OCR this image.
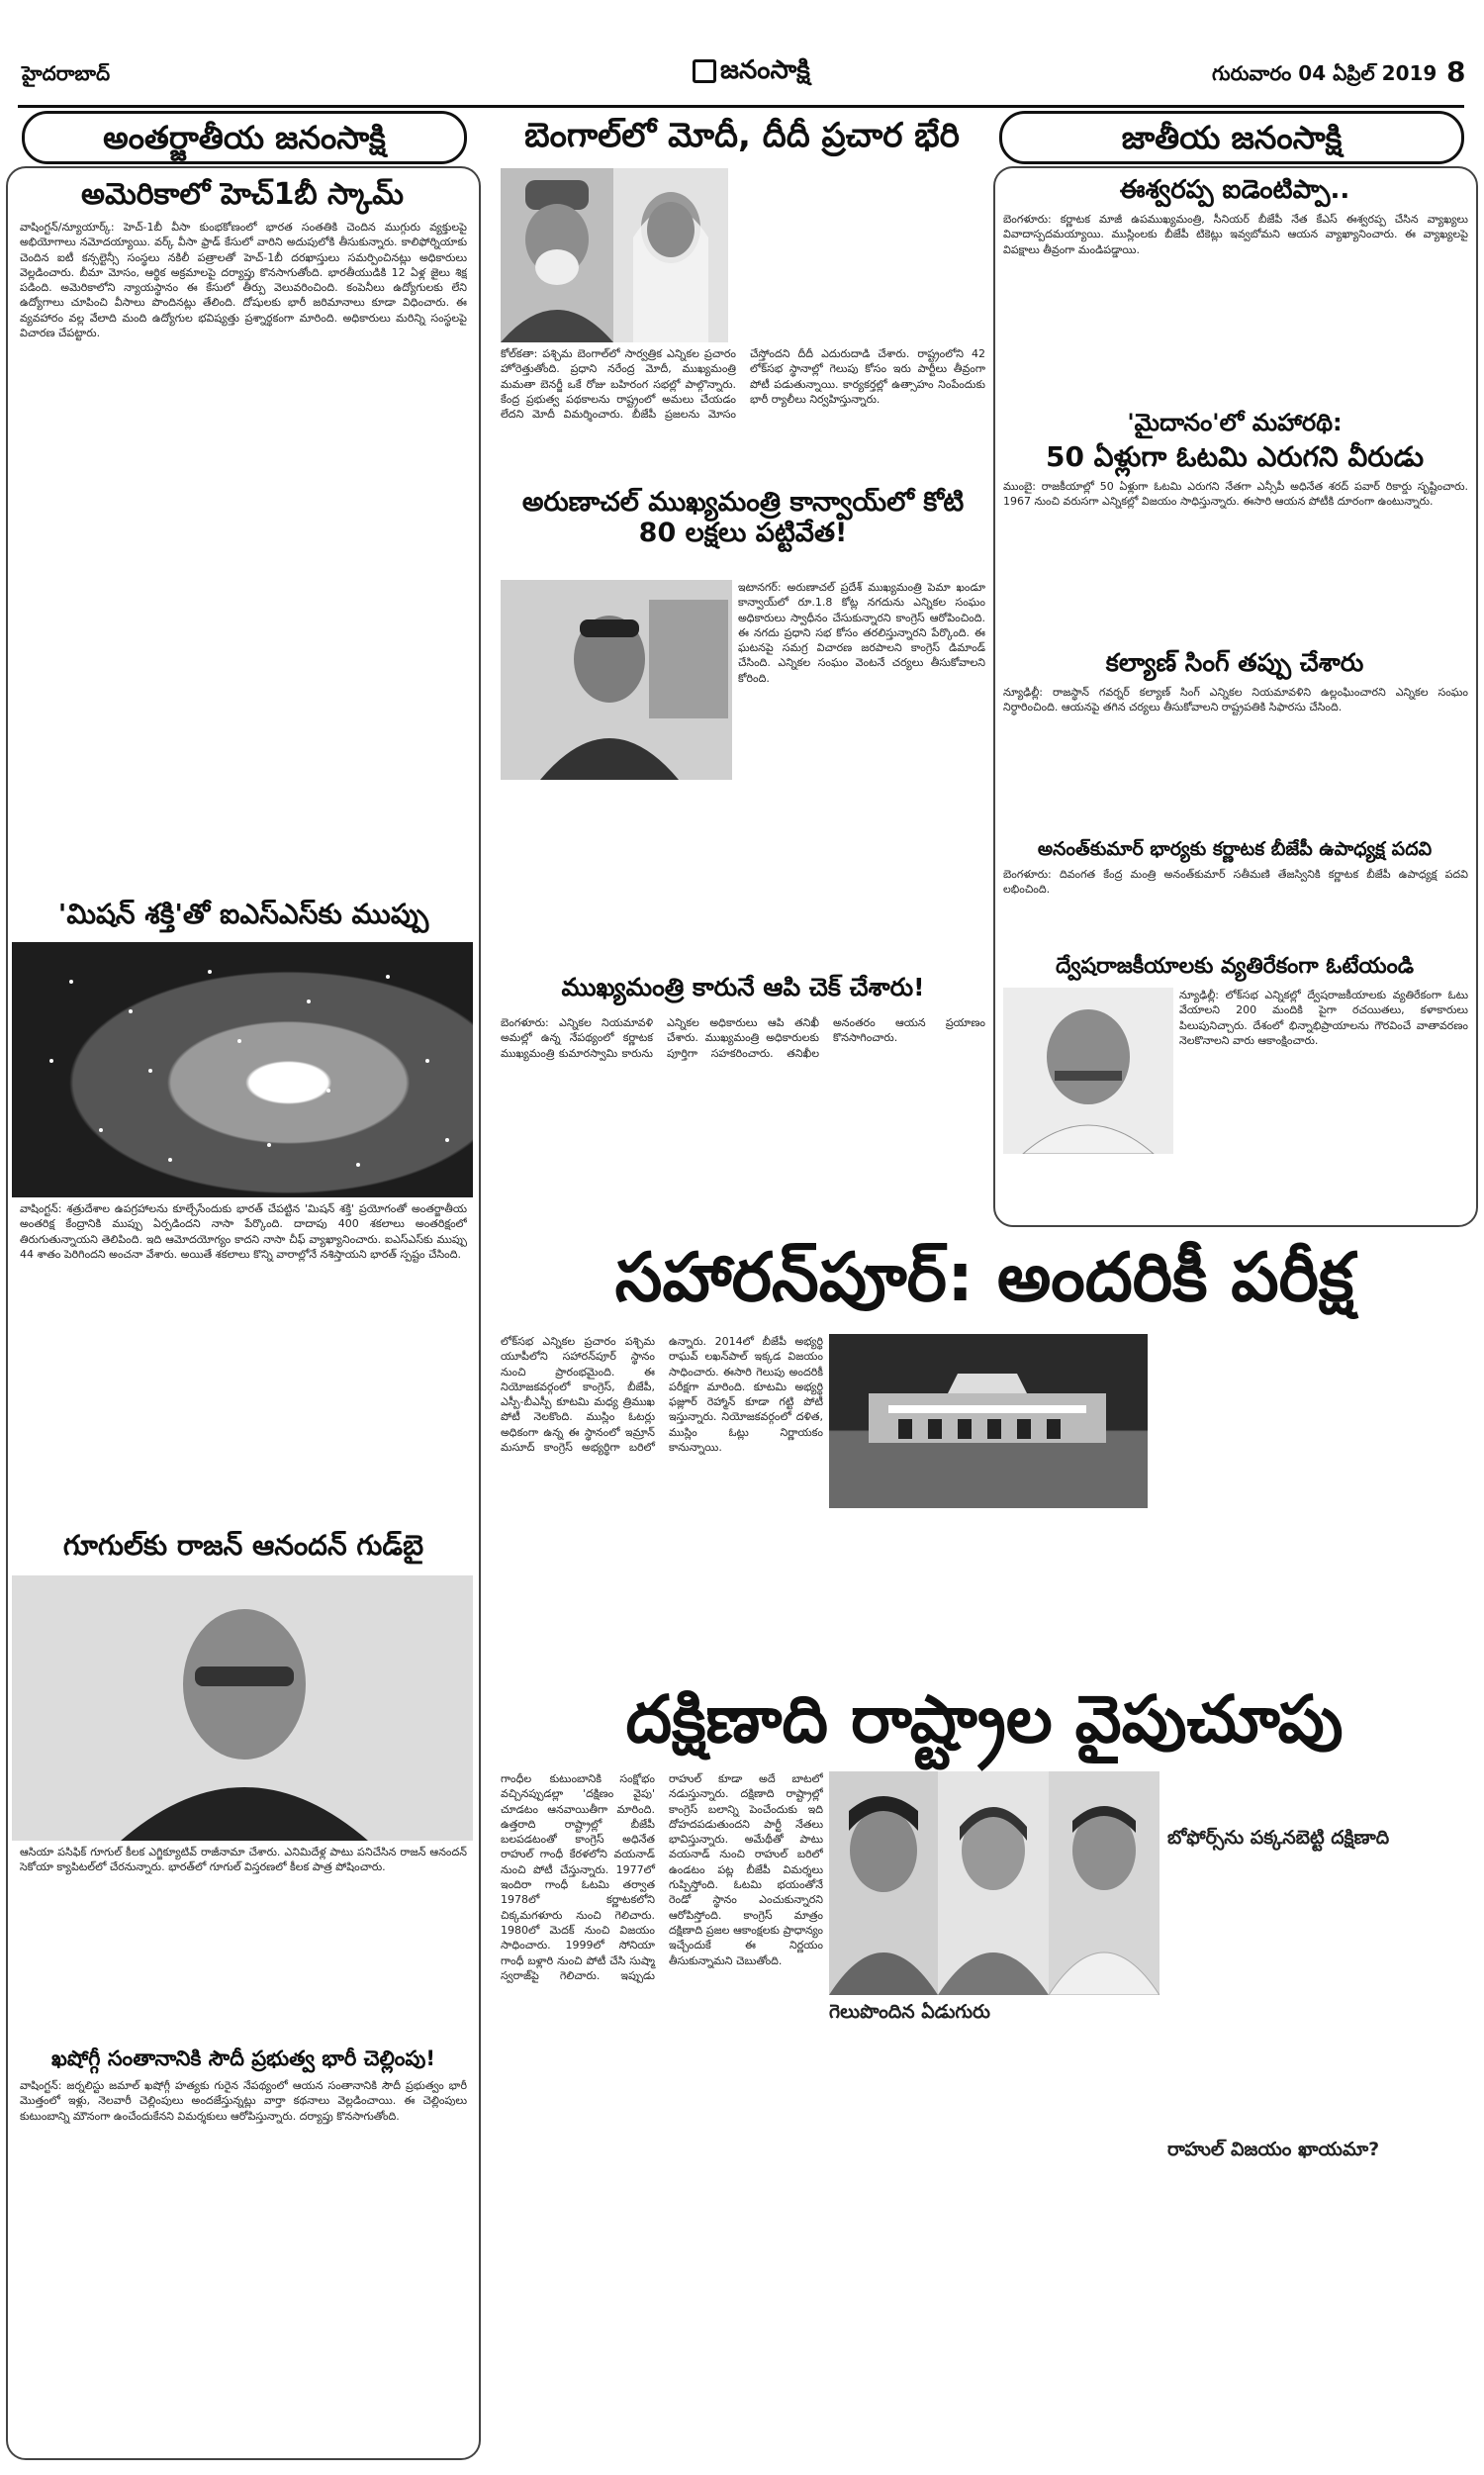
హైదరాబాద్	జనంసాక్షి	గురువారం 04 ఏప్రిల్ 2019 8
అంతర్జాతీయ జనంసాక్షి	జాతీయ జనంసాక్షి
అమెరికాలో హెచ్1బీ స్కామ్
వాషింగ్టన్‌/న్యూయార్క్‌: హెచ్‌-1బీ వీసా కుంభకోణంలో భారత సంతతికి చెందిన ముగ్గురు వ్యక్తులపై అభియోగాలు నమోదయ్యాయి. వర్క్‌ వీసా ఫ్రాడ్‌ కేసులో వారిని అదుపులోకి తీసుకున్నారు. కాలిఫోర్నియాకు చెందిన ఐటీ కన్సల్టెన్సీ సంస్థలు నకిలీ పత్రాలతో హెచ్‌-1బీ దరఖాస్తులు సమర్పించినట్లు అధికారులు వెల్లడించారు. బీమా మోసం, ఆర్థిక అక్రమాలపై దర్యాప్తు కొనసాగుతోంది. భారతీయుడికి 12 ఏళ్ల జైలు శిక్ష పడింది. అమెరికాలోని న్యాయస్థానం ఈ కేసులో తీర్పు వెలువరించింది. కంపెనీలు ఉద్యోగులకు లేని ఉద్యోగాలు చూపించి వీసాలు పొందినట్లు తేలింది. దోషులకు భారీ జరిమానాలు కూడా విధించారు. ఈ వ్యవహారం వల్ల వేలాది మంది ఉద్యోగుల భవిష్యత్తు ప్రశ్నార్థకంగా మారింది. అధికారులు మరిన్ని సంస్థలపై విచారణ చేపట్టారు.
'మిషన్‌ శక్తి'తో ఐఎస్‌ఎస్‌కు ముప్పు
వాషింగ్టన్‌: శత్రుదేశాల ఉపగ్రహాలను కూల్చేసేందుకు భారత్‌ చేపట్టిన 'మిషన్‌ శక్తి' ప్రయోగంతో అంతర్జాతీయ అంతరిక్ష కేంద్రానికి ముప్పు ఏర్పడిందని నాసా పేర్కొంది. దాదాపు 400 శకలాలు అంతరిక్షంలో తిరుగుతున్నాయని తెలిపింది. ఇది ఆమోదయోగ్యం కాదని నాసా చీఫ్‌ వ్యాఖ్యానించారు. ఐఎస్‌ఎస్‌కు ముప్పు 44 శాతం పెరిగిందని అంచనా వేశారు. అయితే శకలాలు కొన్ని వారాల్లోనే నశిస్తాయని భారత్‌ స్పష్టం చేసింది.
గూగుల్‌కు రాజన్‌ ఆనందన్‌ గుడ్‌బై
ఆసియా పసిఫిక్‌ గూగుల్‌ కీలక ఎగ్జిక్యూటివ్‌ రాజీనామా చేశారు. ఎనిమిదేళ్ల పాటు పనిచేసిన రాజన్‌ ఆనందన్‌ సెకోయా క్యాపిటల్‌లో చేరనున్నారు. భారత్‌లో గూగుల్‌ విస్తరణలో కీలక పాత్ర పోషించారు.
ఖషోగ్గీ సంతానానికి సౌదీ ప్రభుత్వ భారీ చెల్లింపు!
వాషింగ్టన్‌: జర్నలిస్టు జమాల్‌ ఖషోగ్గీ హత్యకు గురైన నేపథ్యంలో ఆయన సంతానానికి సౌదీ ప్రభుత్వం భారీ మొత్తంలో ఇళ్లు, నెలవారీ చెల్లింపులు అందజేస్తున్నట్లు వార్తా కథనాలు వెల్లడించాయి. ఈ చెల్లింపులు కుటుంబాన్ని మౌనంగా ఉంచేందుకేనని విమర్శకులు ఆరోపిస్తున్నారు. దర్యాప్తు కొనసాగుతోంది.
బెంగాల్‌లో మోదీ, దీదీ ప్రచార భేరి
కోల్‌కతా: పశ్చిమ బెంగాల్‌లో సార్వత్రిక ఎన్నికల ప్రచారం హోరెత్తుతోంది. ప్రధాని నరేంద్ర మోదీ, ముఖ్యమంత్రి మమతా బెనర్జీ ఒకే రోజు బహిరంగ సభల్లో పాల్గొన్నారు. కేంద్ర ప్రభుత్వ పథకాలను రాష్ట్రంలో అమలు చేయడం లేదని మోదీ విమర్శించారు. బీజేపీ ప్రజలను మోసం చేస్తోందని దీదీ ఎదురుదాడి చేశారు. రాష్ట్రంలోని 42 లోక్‌సభ స్థానాల్లో గెలుపు కోసం ఇరు పార్టీలు తీవ్రంగా పోటీ పడుతున్నాయి. కార్యకర్తల్లో ఉత్సాహం నింపేందుకు భారీ ర్యాలీలు నిర్వహిస్తున్నారు.
అరుణాచల్‌ ముఖ్యమంత్రి కాన్వాయ్‌లో కోటి 80 లక్షలు పట్టివేత!
ఇటానగర్‌: అరుణాచల్‌ ప్రదేశ్‌ ముఖ్యమంత్రి పెమా ఖండూ కాన్వాయ్‌లో రూ.1.8 కోట్ల నగదును ఎన్నికల సంఘం అధికారులు స్వాధీనం చేసుకున్నారని కాంగ్రెస్‌ ఆరోపించింది. ఈ నగదు ప్రధాని సభ కోసం తరలిస్తున్నారని పేర్కొంది. ఈ ఘటనపై సమగ్ర విచారణ జరపాలని కాంగ్రెస్‌ డిమాండ్‌ చేసింది. ఎన్నికల సంఘం వెంటనే చర్యలు తీసుకోవాలని కోరింది.
ముఖ్యమంత్రి కారునే ఆపి చెక్‌ చేశారు!
బెంగళూరు: ఎన్నికల నియమావళి అమల్లో ఉన్న నేపథ్యంలో కర్ణాటక ముఖ్యమంత్రి కుమారస్వామి కారును ఎన్నికల అధికారులు ఆపి తనిఖీ చేశారు. ముఖ్యమంత్రి అధికారులకు పూర్తిగా సహకరించారు. తనిఖీల అనంతరం ఆయన ప్రయాణం కొనసాగించారు.
ఈశ్వరప్ప ఐడెంటిప్పా..
బెంగళూరు: కర్ణాటక మాజీ ఉపముఖ్యమంత్రి, సీనియర్‌ బీజేపీ నేత కేఎస్‌ ఈశ్వరప్ప చేసిన వ్యాఖ్యలు వివాదాస్పదమయ్యాయి. ముస్లింలకు బీజేపీ టికెట్లు ఇవ్వబోమని ఆయన వ్యాఖ్యానించారు. ఈ వ్యాఖ్యలపై విపక్షాలు తీవ్రంగా మండిపడ్డాయి.
'మైదానం'లో మహారథి:
50 ఏళ్లుగా ఓటమి ఎరుగని వీరుడు
ముంబై: రాజకీయాల్లో 50 ఏళ్లుగా ఓటమి ఎరుగని నేతగా ఎన్సీపీ అధినేత శరద్‌ పవార్‌ రికార్డు సృష్టించారు. 1967 నుంచి వరుసగా ఎన్నికల్లో విజయం సాధిస్తున్నారు. ఈసారి ఆయన పోటీకి దూరంగా ఉంటున్నారు.
కల్యాణ్‌ సింగ్‌ తప్పు చేశారు
న్యూఢిల్లీ: రాజస్థాన్‌ గవర్నర్‌ కల్యాణ్‌ సింగ్‌ ఎన్నికల నియమావళిని ఉల్లంఘించారని ఎన్నికల సంఘం నిర్ధారించింది. ఆయనపై తగిన చర్యలు తీసుకోవాలని రాష్ట్రపతికి సిఫారసు చేసింది.
అనంత్‌కుమార్‌ భార్యకు కర్ణాటక బీజేపీ ఉపాధ్యక్ష పదవి
బెంగళూరు: దివంగత కేంద్ర మంత్రి అనంత్‌కుమార్‌ సతీమణి తేజస్వినికి కర్ణాటక బీజేపీ ఉపాధ్యక్ష పదవి లభించింది.
ద్వేషరాజకీయాలకు వ్యతిరేకంగా ఓటేయండి
న్యూఢిల్లీ: లోక్‌సభ ఎన్నికల్లో ద్వేషరాజకీయాలకు వ్యతిరేకంగా ఓటు వేయాలని 200 మందికి పైగా రచయితలు, కళాకారులు పిలుపునిచ్చారు. దేశంలో భిన్నాభిప్రాయాలను గౌరవించే వాతావరణం నెలకొనాలని వారు ఆకాంక్షించారు.
సహారన్‌పూర్‌: అందరికీ పరీక్ష
లోక్‌సభ ఎన్నికల ప్రచారం పశ్చిమ యూపీలోని సహారన్‌పూర్‌ స్థానం నుంచి ప్రారంభమైంది. ఈ నియోజకవర్గంలో కాంగ్రెస్‌, బీజేపీ, ఎస్పీ-బీఎస్పీ కూటమి మధ్య త్రిముఖ పోటీ నెలకొంది. ముస్లిం ఓటర్లు అధికంగా ఉన్న ఈ స్థానంలో ఇమ్రాన్‌ మసూద్‌ కాంగ్రెస్‌ అభ్యర్థిగా బరిలో ఉన్నారు. 2014లో బీజేపీ అభ్యర్థి రాఘవ్‌ లఖన్‌పాల్‌ ఇక్కడ విజయం సాధించారు. ఈసారి గెలుపు అందరికీ పరీక్షగా మారింది. కూటమి అభ్యర్థి ఫజ్లూర్‌ రెహ్మాన్‌ కూడా గట్టి పోటీ ఇస్తున్నారు. నియోజకవర్గంలో దళిత, ముస్లిం ఓట్లు నిర్ణాయకం కానున్నాయి.
దక్షిణాది రాష్ట్రాల వైపుచూపు
గాంధీల కుటుంబానికి సంక్షోభం వచ్చినప్పుడల్లా 'దక్షిణం వైపు' చూడటం ఆనవాయితీగా మారింది. ఉత్తరాది రాష్ట్రాల్లో బీజేపీ బలపడటంతో కాంగ్రెస్‌ అధినేత రాహుల్‌ గాంధీ కేరళలోని వయనాడ్‌ నుంచి పోటీ చేస్తున్నారు. 1977లో ఇందిరా గాంధీ ఓటమి తర్వాత 1978లో కర్ణాటకలోని చిక్కమగళూరు నుంచి గెలిచారు. 1980లో మెదక్‌ నుంచి విజయం సాధించారు. 1999లో సోనియా గాంధీ బళ్లారి నుంచి పోటీ చేసి సుష్మా స్వరాజ్‌పై గెలిచారు. ఇప్పుడు రాహుల్‌ కూడా అదే బాటలో నడుస్తున్నారు. దక్షిణాది రాష్ట్రాల్లో కాంగ్రెస్‌ బలాన్ని పెంచేందుకు ఇది దోహదపడుతుందని పార్టీ నేతలు భావిస్తున్నారు. అమేథీతో పాటు వయనాడ్‌ నుంచి రాహుల్‌ బరిలో ఉండటం పట్ల బీజేపీ విమర్శలు గుప్పిస్తోంది. ఓటమి భయంతోనే రెండో స్థానం ఎంచుకున్నారని ఆరోపిస్తోంది. కాంగ్రెస్‌ మాత్రం దక్షిణాది ప్రజల ఆకాంక్షలకు ప్రాధాన్యం ఇచ్చేందుకే ఈ నిర్ణయం తీసుకున్నామని చెబుతోంది.
గెలుపొందిన ఏడుగురు
బోఫోర్స్‌ను పక్కనబెట్టి దక్షిణాది
రాహుల్‌ విజయం ఖాయమా?
